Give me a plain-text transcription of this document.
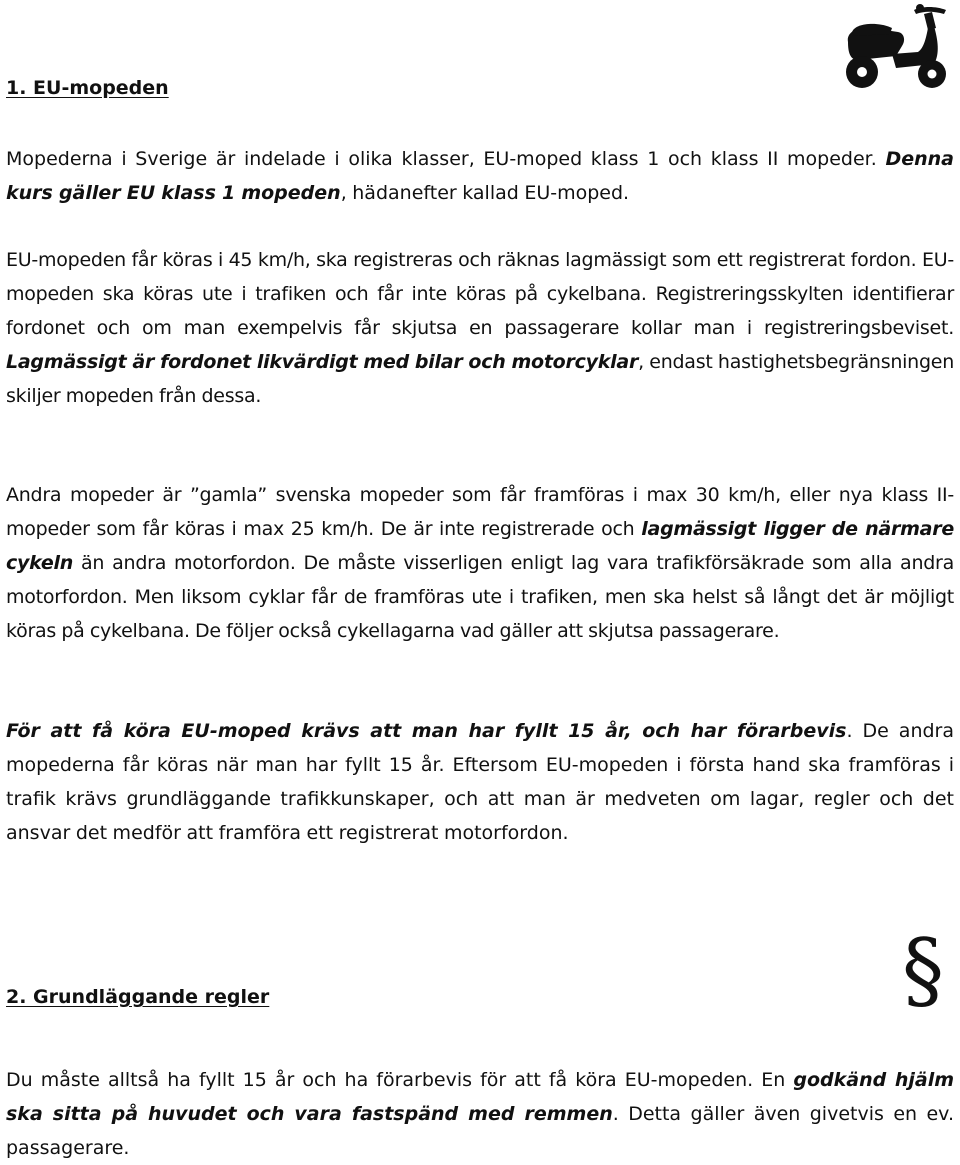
1. EU-mopeden

Mopederna i Sverige är indelade i olika klasser, EU-moped klass 1 och klass II mopeder. Denna kurs gäller EU klass 1 mopeden, hädanefter kallad EU-moped.

EU-mopeden får köras i 45 km/h, ska registreras och räknas lagmässigt som ett registrerat fordon. EU-mopeden ska köras ute i trafiken och får inte köras på cykelbana. Registreringsskylten identifierar fordonet och om man exempelvis får skjutsa en passagerare kollar man i registreringsbeviset. Lagmässigt är fordonet likvärdigt med bilar och motorcyklar, endast hastighetsbegränsningen skiljer mopeden från dessa.

Andra mopeder är ”gamla” svenska mopeder som får framföras i max 30 km/h, eller nya klass II-mopeder som får köras i max 25 km/h. De är inte registrerade och lagmässigt ligger de närmare cykeln än andra motorfordon. De måste visserligen enligt lag vara trafikförsäkrade som alla andra motorfordon. Men liksom cyklar får de framföras ute i trafiken, men ska helst så långt det är möjligt köras på cykelbana. De följer också cykellagarna vad gäller att skjutsa passagerare.

För att få köra EU-moped krävs att man har fyllt 15 år, och har förarbevis. De andra mopederna får köras när man har fyllt 15 år. Eftersom EU-mopeden i första hand ska framföras i trafik krävs grundläggande trafikkunskaper, och att man är medveten om lagar, regler och det ansvar det medför att framföra ett registrerat motorfordon.

2. Grundläggande regler	§

Du måste alltså ha fyllt 15 år och ha förarbevis för att få köra EU-mopeden. En godkänd hjälm ska sitta på huvudet och vara fastspänd med remmen. Detta gäller även givetvis en ev. passagerare.
